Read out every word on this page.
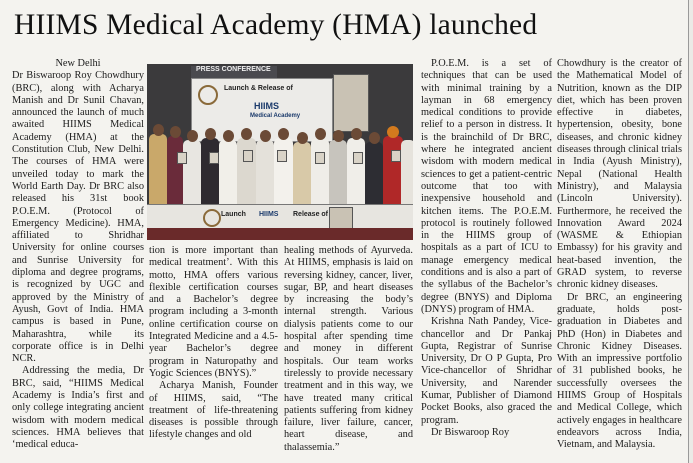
HIIMS Medical Academy (HMA) launched

New Delhi

Dr Biswaroop Roy Chowdhury (BRC), along with Acharya Manish and Dr Sunil Chavan, announced the launch of much awaited HIIMS Medical Academy (HMA) at the Constitution Club, New Delhi. The courses of HMA were unveiled today to mark the World Earth Day. Dr BRC also released his 31st book P.O.E.M. (Protocol of Emergency Medicine). HMA, affiliated to Shridhar University for online courses and Sunrise University for diploma and degree programs, is recognized by UGC and approved by the Ministry of Ayush, Govt of India. HMA campus is based in Pune, Maharashtra, while its corporate office is in Delhi NCR.

Addressing the media, Dr BRC, said, “HIIMS Medical Academy is India’s first and only college integrating ancient wisdom with modern medical sciences. HMA believes that ‘medical educa-

PRESS CONFERENCE
Launch & Release of
HIIMS
Medical Academy
Launch HIIMS Release of

tion is more important than medical treatment’. With this motto, HMA offers various flexible certification courses and a Bachelor’s degree program including a 3-month online certification course on Integrated Medicine and a 4.5-year Bachelor’s degree program in Naturopathy and Yogic Sciences (BNYS).”

Acharya Manish, Founder of HIIMS, said, “The treatment of life-threatening diseases is possible through lifestyle changes and old

healing methods of Ayurveda. At HIIMS, emphasis is laid on reversing kidney, cancer, liver, sugar, BP, and heart diseases by increasing the body’s internal strength. Various dialysis patients come to our hospital after spending time and money in different hospitals. Our team works tirelessly to provide necessary treatment and in this way, we have treated many critical patients suffering from kidney failure, liver failure, cancer, heart disease, and thalassemia.”

P.O.E.M. is a set of techniques that can be used with minimal training by a layman in 68 emergency medical conditions to provide relief to a person in distress. It is the brainchild of Dr BRC, where he integrated ancient wisdom with modern medical sciences to get a patient-centric outcome that too with inexpensive household and kitchen items. The P.O.E.M. protocol is routinely followed in the HIIMS group of hospitals as a part of ICU to manage emergency medical conditions and is also a part of the syllabus of the Bachelor’s degree (BNYS) and Diploma (DNYS) program of HMA.

Krishna Nath Pandey, Vice-chancellor and Dr Pankaj Gupta, Registrar of Sunrise University, Dr O P Gupta, Pro Vice-chancellor of Shridhar University, and Narender Kumar, Publisher of Diamond Pocket Books, also graced the program.

Dr Biswaroop Roy

Chowdhury is the creator of the Mathematical Model of Nutrition, known as the DIP diet, which has been proven effective in diabetes, hypertension, obesity, bone diseases, and chronic kidney diseases through clinical trials in India (Ayush Ministry), Nepal (National Health Ministry), and Malaysia (Lincoln University). Furthermore, he received the Innovation Award 2024 (WASME & Ethiopian Embassy) for his gravity and heat-based invention, the GRAD system, to reverse chronic kidney diseases.

Dr BRC, an engineering graduate, holds post-graduation in Diabetes and PhD (Hon) in Diabetes and Chronic Kidney Diseases. With an impressive portfolio of 31 published books, he successfully oversees the HIIMS Group of Hospitals and Medical College, which actively engages in healthcare endeavors across India, Vietnam, and Malaysia.
